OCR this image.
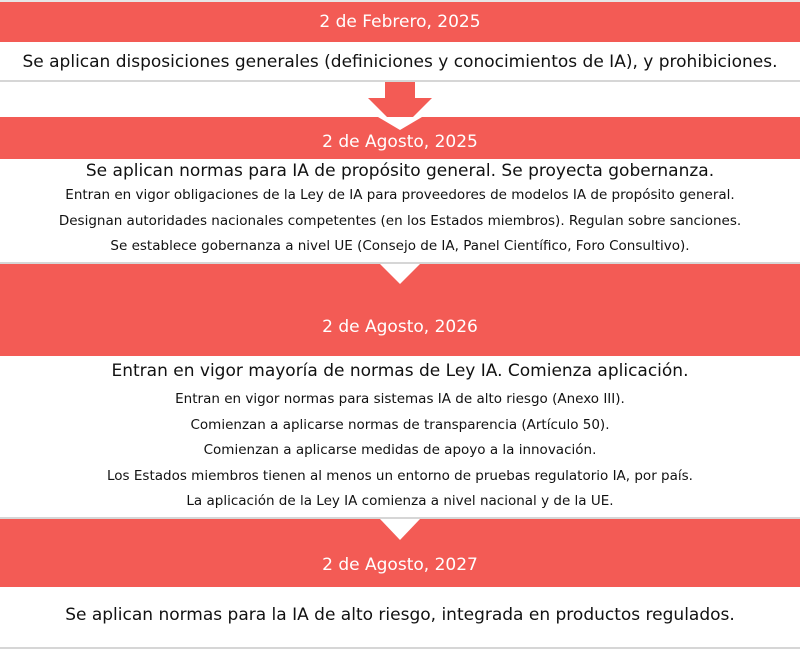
2 de Febrero, 2025
Se aplican disposiciones generales (definiciones y conocimientos de IA), y prohibiciones.
2 de Agosto, 2025
Se aplican normas para IA de propósito general. Se proyecta gobernanza.
Entran en vigor obligaciones de la Ley de IA para proveedores de modelos IA de propósito general.
Designan autoridades nacionales competentes (en los Estados miembros). Regulan sobre sanciones.
Se establece gobernanza a nivel UE (Consejo de IA, Panel Científico, Foro Consultivo).
2 de Agosto, 2026
Entran en vigor mayoría de normas de Ley IA. Comienza aplicación.
Entran en vigor normas para sistemas IA de alto riesgo (Anexo III).
Comienzan a aplicarse normas de transparencia (Artículo 50).
Comienzan a aplicarse medidas de apoyo a la innovación.
Los Estados miembros tienen al menos un entorno de pruebas regulatorio IA, por país.
La aplicación de la Ley IA comienza a nivel nacional y de la UE.
2 de Agosto, 2027
Se aplican normas para la IA de alto riesgo, integrada en productos regulados.
